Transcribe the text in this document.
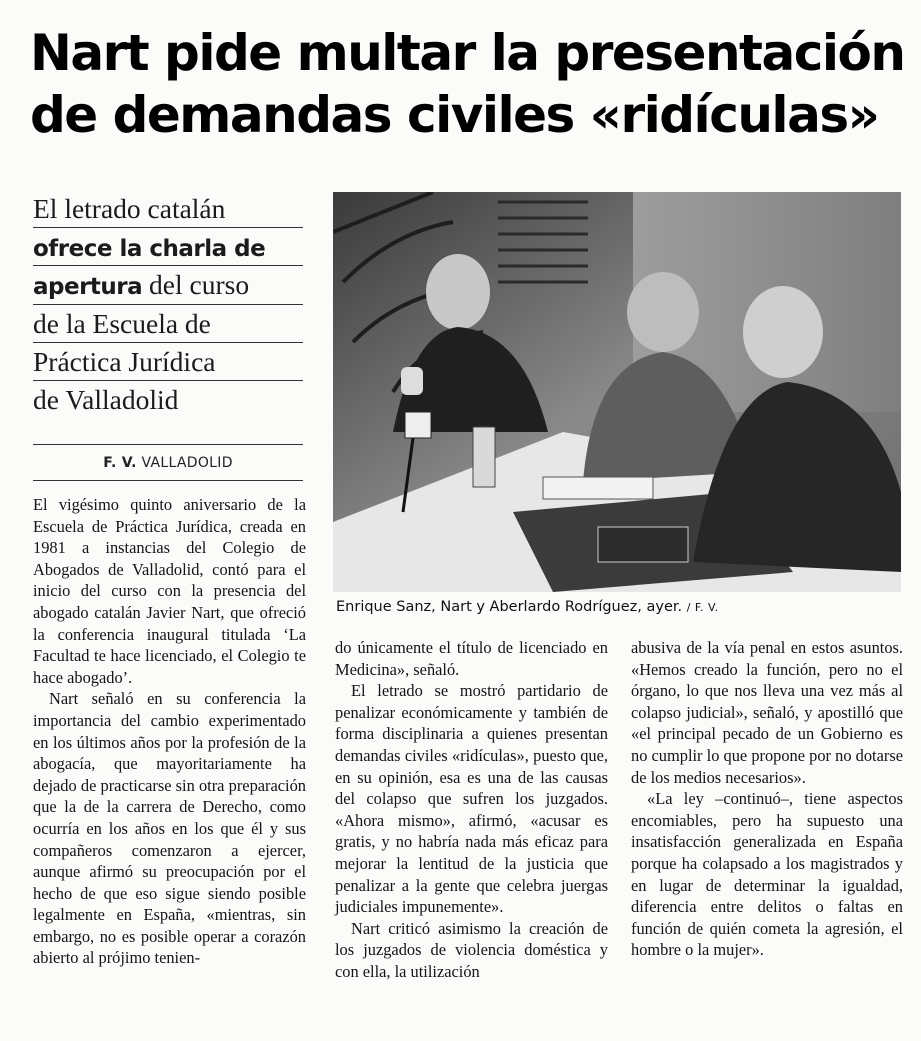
Nart pide multar la presentación
de demandas civiles «ridículas»
El letrado catalán
ofrece la charla de
apertura del curso
de la Escuela de
Práctica Jurídica
de Valladolid
F. V. VALLADOLID
Enrique Sanz, Nart y Aberlardo Rodríguez, ayer. / F. V.

El vigésimo quinto aniversario de la Escuela de Práctica Jurídica, creada en 1981 a instancias del Colegio de Abogados de Valladolid, contó para el inicio del curso con la presencia del abogado catalán Javier Nart, que ofreció la conferencia inaugural titulada ‘La Facultad te hace licenciado, el Colegio te hace abogado’.

Nart señaló en su conferencia la importancia del cambio experimentado en los últimos años por la profesión de la abogacía, que mayoritariamente ha dejado de practicarse sin otra preparación que la de la carrera de Derecho, como ocurría en los años en los que él y sus compañeros comenzaron a ejercer, aunque afirmó su preocupación por el hecho de que eso sigue siendo posible legalmente en España, «mientras, sin embargo, no es posible operar a corazón abierto al prójimo tenien-

do únicamente el título de licenciado en Medicina», señaló.

El letrado se mostró partidario de penalizar económicamente y también de forma disciplinaria a quienes presentan demandas civiles «ridículas», puesto que, en su opinión, esa es una de las causas del colapso que sufren los juzgados. «Ahora mismo», afirmó, «acusar es gratis, y no habría nada más eficaz para mejorar la lentitud de la justicia que penalizar a la gente que celebra juergas judiciales impunemente».

Nart criticó asimismo la creación de los juzgados de violencia doméstica y con ella, la utilización

abusiva de la vía penal en estos asuntos. «Hemos creado la función, pero no el órgano, lo que nos lleva una vez más al colapso judicial», señaló, y apostilló que «el principal pecado de un Gobierno es no cumplir lo que propone por no dotarse de los medios necesarios».

«La ley –continuó–, tiene aspectos encomiables, pero ha supuesto una insatisfacción generalizada en España porque ha colapsado a los magistrados y en lugar de determinar la igualdad, diferencia entre delitos o faltas en función de quién cometa la agresión, el hombre o la mujer».
